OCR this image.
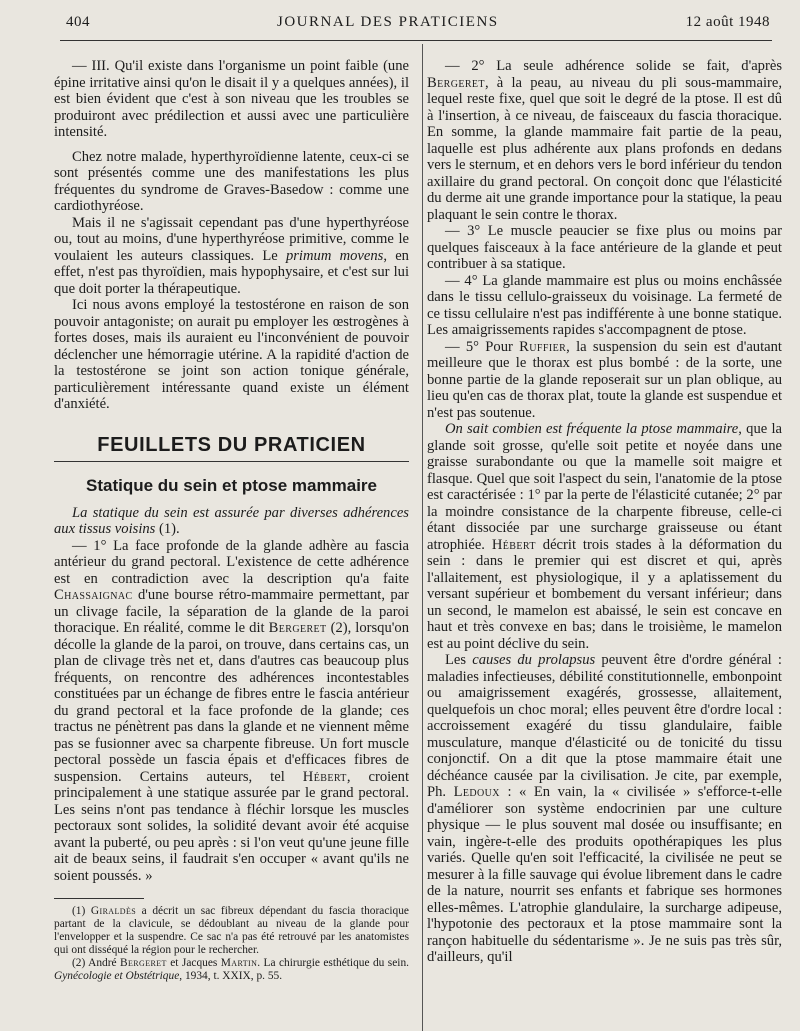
404	JOURNAL DES PRATICIENS	12 août 1948

— III. Qu'il existe dans l'organisme un point faible (une épine irritative ainsi qu'on le disait il y a quelques années), il est bien évident que c'est à son niveau que les troubles se produiront avec prédilection et aussi avec une particulière intensité.

Chez notre malade, hyperthyroïdienne latente, ceux-ci se sont présentés comme une des manifestations les plus fréquentes du syndrome de Graves-Basedow : comme une cardiothyréose.

Mais il ne s'agissait cependant pas d'une hyperthyréose ou, tout au moins, d'une hyperthyréose primitive, comme le voulaient les auteurs classiques. Le primum movens, en effet, n'est pas thyroïdien, mais hypophysaire, et c'est sur lui que doit porter la thérapeutique.

Ici nous avons employé la testostérone en raison de son pouvoir antagoniste; on aurait pu employer les œstrogènes à fortes doses, mais ils auraient eu l'inconvénient de pouvoir déclencher une hémorragie utérine. A la rapidité d'action de la testostérone se joint son action tonique générale, particulièrement intéressante quand existe un élément d'anxiété.

FEUILLETS DU PRATICIEN
Statique du sein et ptose mammaire

La statique du sein est assurée par diverses adhérences aux tissus voisins (1).

— 1° La face profonde de la glande adhère au fascia antérieur du grand pectoral. L'existence de cette adhérence est en contradiction avec la description qu'a faite Chassaignac d'une bourse rétro-mammaire permettant, par un clivage facile, la séparation de la glande de la paroi thoracique. En réalité, comme le dit Bergeret (2), lorsqu'on décolle la glande de la paroi, on trouve, dans certains cas, un plan de clivage très net et, dans d'autres cas beaucoup plus fréquents, on rencontre des adhérences incontestables constituées par un échange de fibres entre le fascia antérieur du grand pectoral et la face profonde de la glande; ces tractus ne pénètrent pas dans la glande et ne viennent même pas se fusionner avec sa charpente fibreuse. Un fort muscle pectoral possède un fascia épais et d'efficaces fibres de suspension. Certains auteurs, tel Hébert, croient principalement à une statique assurée par le grand pectoral. Les seins n'ont pas tendance à fléchir lorsque les muscles pectoraux sont solides, la solidité devant avoir été acquise avant la puberté, ou peu après : si l'on veut qu'une jeune fille ait de beaux seins, il faudrait s'en occuper « avant qu'ils ne soient poussés. »

(1) Giraldès a décrit un sac fibreux dépendant du fascia thoracique partant de la clavicule, se dédoublant au niveau de la glande pour l'envelopper et la suspendre. Ce sac n'a pas été retrouvé par les anatomistes qui ont disséqué la région pour le rechercher.

(2) André Bergeret et Jacques Martin. La chirurgie esthétique du sein. Gynécologie et Obstétrique, 1934, t. XXIX, p. 55.

— 2° La seule adhérence solide se fait, d'après Bergeret, à la peau, au niveau du pli sous-mammaire, lequel reste fixe, quel que soit le degré de la ptose. Il est dû à l'insertion, à ce niveau, de faisceaux du fascia thoracique. En somme, la glande mammaire fait partie de la peau, laquelle est plus adhérente aux plans profonds en dedans vers le sternum, et en dehors vers le bord inférieur du tendon axillaire du grand pectoral. On conçoit donc que l'élasticité du derme ait une grande importance pour la statique, la peau plaquant le sein contre le thorax.

— 3° Le muscle peaucier se fixe plus ou moins par quelques faisceaux à la face antérieure de la glande et peut contribuer à sa statique.

— 4° La glande mammaire est plus ou moins enchâssée dans le tissu cellulo-graisseux du voisinage. La fermeté de ce tissu cellulaire n'est pas indifférente à une bonne statique. Les amaigrissements rapides s'accompagnent de ptose.

— 5° Pour Ruffier, la suspension du sein est d'autant meilleure que le thorax est plus bombé : de la sorte, une bonne partie de la glande reposerait sur un plan oblique, au lieu qu'en cas de thorax plat, toute la glande est suspendue et n'est pas soutenue.

On sait combien est fréquente la ptose mammaire, que la glande soit grosse, qu'elle soit petite et noyée dans une graisse surabondante ou que la mamelle soit maigre et flasque. Quel que soit l'aspect du sein, l'anatomie de la ptose est caractérisée : 1° par la perte de l'élasticité cutanée; 2° par la moindre consistance de la charpente fibreuse, celle-ci étant dissociée par une surcharge graisseuse ou étant atrophiée. Hébert décrit trois stades à la déformation du sein : dans le premier qui est discret et qui, après l'allaitement, est physiologique, il y a aplatissement du versant supérieur et bombement du versant inférieur; dans un second, le mamelon est abaissé, le sein est concave en haut et très convexe en bas; dans le troisième, le mamelon est au point déclive du sein.

Les causes du prolapsus peuvent être d'ordre général : maladies infectieuses, débilité constitutionnelle, embonpoint ou amaigrissement exagérés, grossesse, allaitement, quelquefois un choc moral; elles peuvent être d'ordre local : accroissement exagéré du tissu glandulaire, faible musculature, manque d'élasticité ou de tonicité du tissu conjonctif. On a dit que la ptose mammaire était une déchéance causée par la civilisation. Je cite, par exemple, Ph. Ledoux : « En vain, la « civilisée » s'efforce-t-elle d'améliorer son système endocrinien par une culture physique — le plus souvent mal dosée ou insuffisante; en vain, ingère-t-elle des produits opothérapiques les plus variés. Quelle qu'en soit l'efficacité, la civilisée ne peut se mesurer à la fille sauvage qui évolue librement dans le cadre de la nature, nourrit ses enfants et fabrique ses hormones elles-mêmes. L'atrophie glandulaire, la surcharge adipeuse, l'hypotonie des pectoraux et la ptose mammaire sont la rançon habituelle du sédentarisme ». Je ne suis pas très sûr, d'ailleurs, qu'il
